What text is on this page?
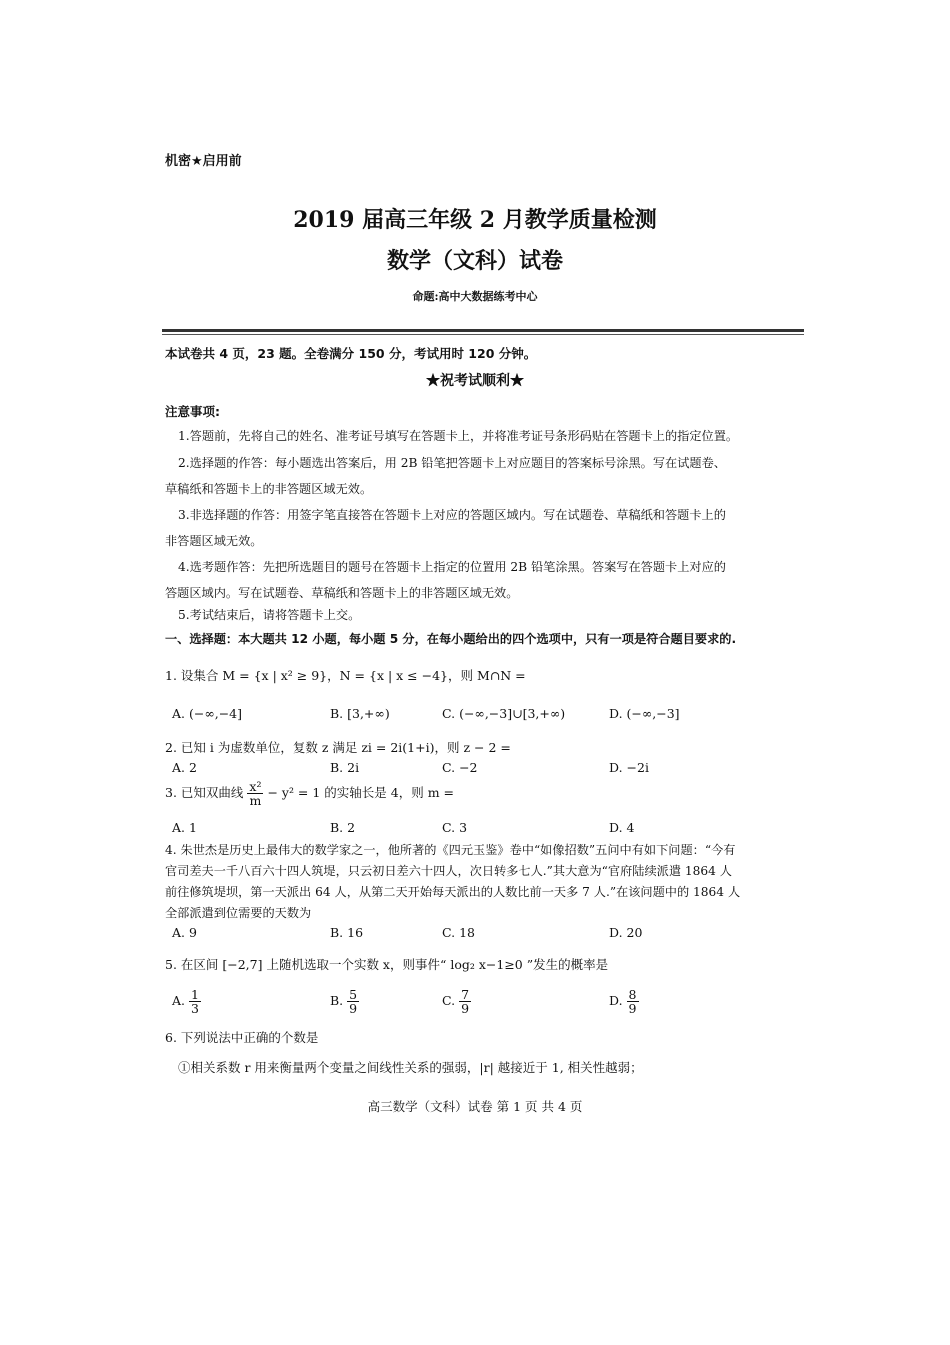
机密★启用前
2019 届高三年级 2 月教学质量检测
数学（文科）试卷
命题:高中大数据练考中心
本试卷共 4 页，23 题。全卷满分 150 分，考试用时 120 分钟。
★祝考试顺利★
注意事项:
1.答题前，先将自己的姓名、准考证号填写在答题卡上，并将准考证号条形码贴在答题卡上的指定位置。
2.选择题的作答：每小题选出答案后，用 2B 铅笔把答题卡上对应题目的答案标号涂黑。写在试题卷、
草稿纸和答题卡上的非答题区域无效。
3.非选择题的作答：用签字笔直接答在答题卡上对应的答题区域内。写在试题卷、草稿纸和答题卡上的
非答题区域无效。
4.选考题作答：先把所选题目的题号在答题卡上指定的位置用 2B 铅笔涂黑。答案写在答题卡上对应的
答题区域内。写在试题卷、草稿纸和答题卡上的非答题区域无效。
5.考试结束后，请将答题卡上交。
一、选择题：本大题共 12 小题，每小题 5 分，在每小题给出的四个选项中，只有一项是符合题目要求的.
1. 设集合 M = {x | x² ≥ 9}，N = {x | x ≤ −4}，则 M∩N =
A. (−∞,−4]	B. [3,+∞)	C. (−∞,−3]∪[3,+∞)	D. (−∞,−3]
2. 已知 i 为虚数单位，复数 z 满足 zi = 2i(1+i)，则 z − 2 =
A. 2	B. 2i	C. −2	D. −2i
3. 已知双曲线 $\frac{\text{x²}}{m} - y^2 = 1$ 的实轴长是 4，则 m =
A. 1	B. 2	C. 3	D. 4
4. 朱世杰是历史上最伟大的数学家之一，他所著的《四元玉鉴》卷中“如像招数”五问中有如下问题：“今有
官司差夫一千八百六十四人筑堤，只云初日差六十四人，次日转多七人.”其大意为“官府陆续派遣 1864 人
前往修筑堤坝，第一天派出 64 人，从第二天开始每天派出的人数比前一天多 7 人.”在该问题中的 1864 人
全部派遣到位需要的天数为
A. 9	B. 16	C. 18	D. 20
5. 在区间 [−2,7] 上随机选取一个实数 x，则事件“ log₂ x−1≥0 ”发生的概率是
A. $\frac{1}{3}$	B. $\frac{5}{9}$	C. $\frac{7}{9}$	D. $\frac{8}{9}$
6. 下列说法中正确的个数是
①相关系数 r 用来衡量两个变量之间线性关系的强弱，|r| 越接近于 1, 相关性越弱；
高三数学（文科）试卷 第 1 页 共 4 页
